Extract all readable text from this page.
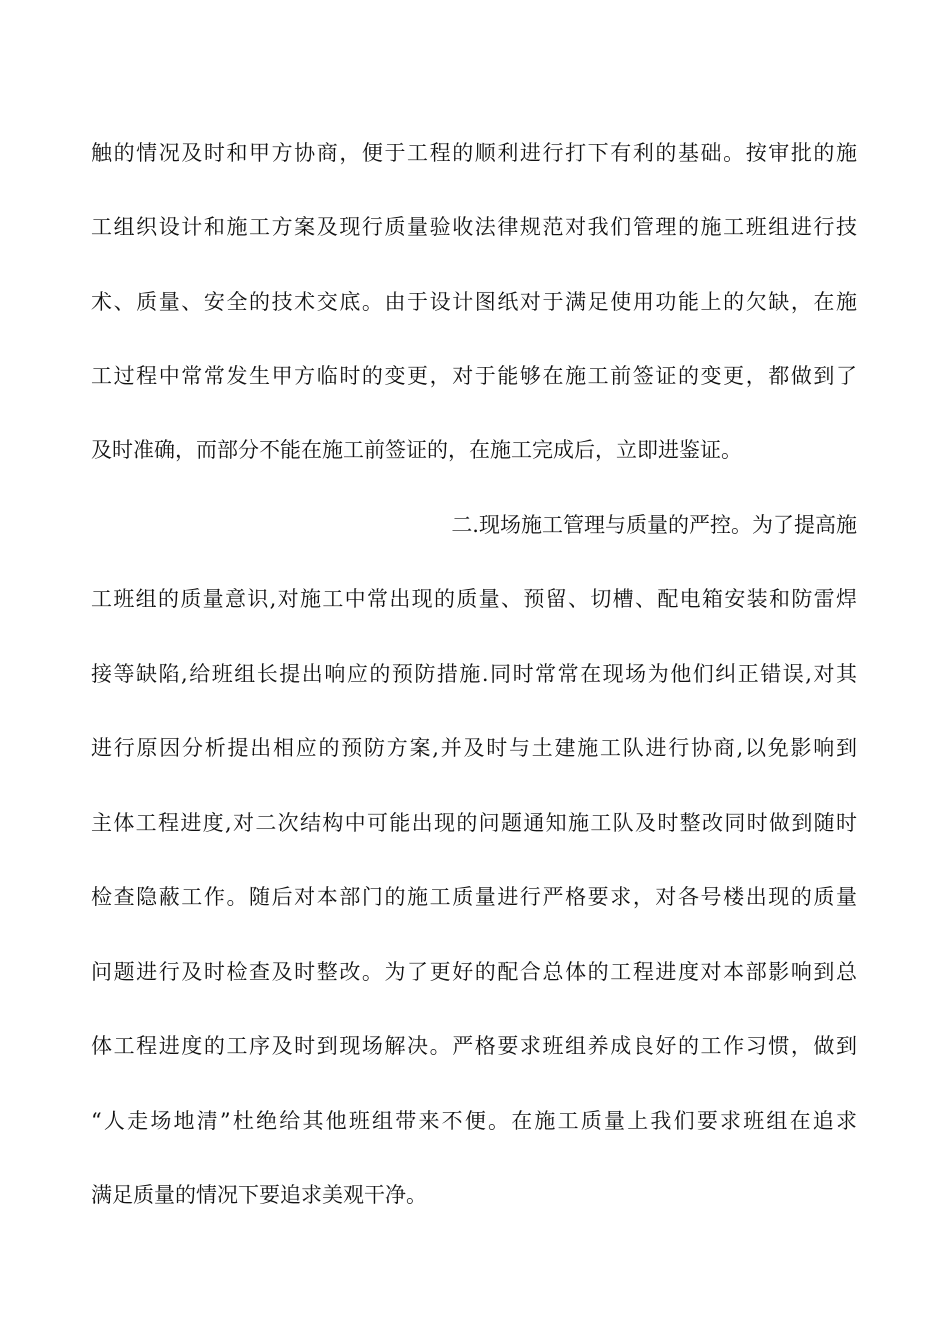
触的情况及时和甲方协商，便于工程的顺利进行打下有利的基础。按审批的施
工组织设计和施工方案及现行质量验收法律规范对我们管理的施工班组进行技
术、质量、安全的技术交底。由于设计图纸对于满足使用功能上的欠缺，在施
工过程中常常发生甲方临时的变更，对于能够在施工前签证的变更，都做到了
及时准确，而部分不能在施工前签证的，在施工完成后，立即进鉴证。
二.现场施工管理与质量的严控。为了提高施
工班组的质量意识,对施工中常出现的质量、预留、切槽、配电箱安装和防雷焊
接等缺陷,给班组长提出响应的预防措施.同时常常在现场为他们纠正错误,对其
进行原因分析提出相应的预防方案,并及时与土建施工队进行协商,以免影响到
主体工程进度,对二次结构中可能出现的问题通知施工队及时整改同时做到随时
检查隐蔽工作。随后对本部门的施工质量进行严格要求，对各号楼出现的质量
问题进行及时检查及时整改。为了更好的配合总体的工程进度对本部影响到总
体工程进度的工序及时到现场解决。严格要求班组养成良好的工作习惯，做到
“人走场地清”杜绝给其他班组带来不便。在施工质量上我们要求班组在追求
满足质量的情况下要追求美观干净。
